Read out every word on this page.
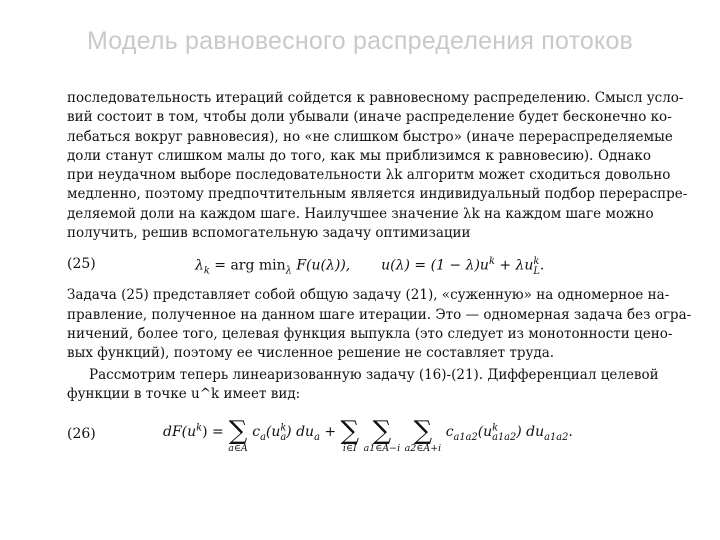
Модель равновесного распределения потоков

последовательность итераций сойдется к равновесному распределению. Смысл усло-
вий состоит в том, чтобы доли убывали (иначе распределение будет бесконечно ко-
лебаться вокруг равновесия), но «не слишком быстро» (иначе перераспределяемые
доли станут слишком малы до того, как мы приблизимся к равновесию). Однако
при неудачном выборе последовательности λk алгоритм может сходиться довольно
медленно, поэтому предпочтительным является индивидуальный подбор перераспре-
деляемой доли на каждом шаге. Наилучшее значение λk на каждом шаге можно
получить, решив вспомогательную задачу оптимизации

(25)	$\lambda_k$ = arg $\min_\lambda F(u(\lambda))$, $u(\lambda) = (1 - \lambda)u^k + \lambda u^k_L$.

Задача (25) представляет собой общую задачу (21), «суженную» на одномерное на-
правление, полученное на данном шаге итерации. Это — одномерная задача без огра-
ничений, более того, целевая функция выпукла (это следует из монотонности цено-
вых функций), поэтому ее численное решение не составляет труда.

Рассмотрим теперь линеаризованную задачу (16)-(21). Дифференциал целевой
функции в точке u^k имеет вид:

(26)	$dF(u^k)$ = ∑
a∈A
$c_a(u^k_a) du_a$ + ∑
i∈I

∑
a1∈A−i

∑
a2∈A+i
$c_{a1a2}(u^k_{a1a2})$ $du_{a1a2}$.
